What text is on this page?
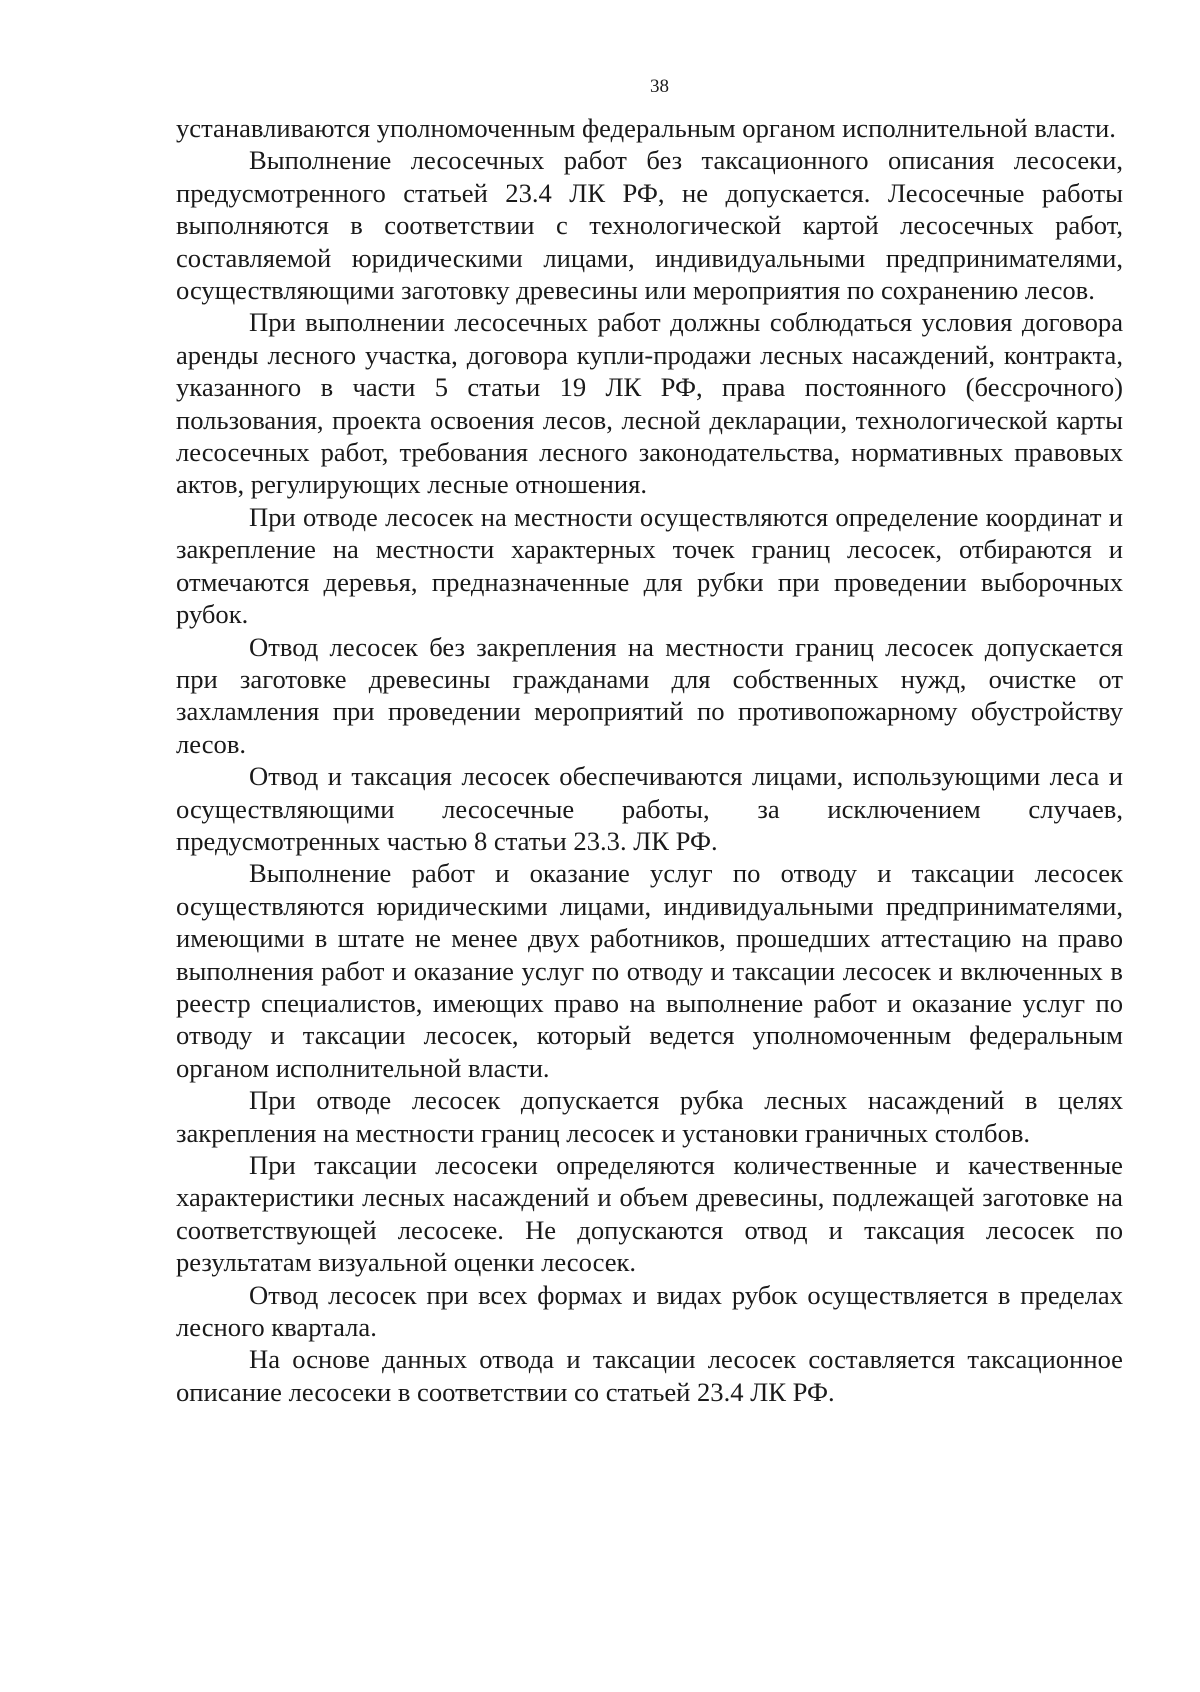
38

устанавливаются уполномоченным федеральным органом исполнительной власти.

Выполнение лесосечных работ без таксационного описания лесосеки, предусмотренного статьей 23.4 ЛК РФ, не допускается. Лесосечные работы выполняются в соответствии с технологической картой лесосечных работ, составляемой юридическими лицами, индивидуальными предпринимателями, осуществляющими заготовку древесины или мероприятия по сохранению лесов.

При выполнении лесосечных работ должны соблюдаться условия договора аренды лесного участка, договора купли-продажи лесных насаждений, контракта, указанного в части 5 статьи 19 ЛК РФ, права постоянного (бессрочного) пользования, проекта освоения лесов, лесной декларации, технологической карты лесосечных работ, требования лесного законодательства, нормативных правовых актов, регулирующих лесные отношения.

При отводе лесосек на местности осуществляются определение координат и закрепление на местности характерных точек границ лесосек, отбираются и отмечаются деревья, предназначенные для рубки при проведении выборочных рубок.

Отвод лесосек без закрепления на местности границ лесосек допускается при заготовке древесины гражданами для собственных нужд, очистке от захламления при проведении мероприятий по противопожарному обустройству лесов.

Отвод и таксация лесосек обеспечиваются лицами, использующими леса и осуществляющими лесосечные работы, за исключением случаев, предусмотренных частью 8 статьи 23.3. ЛК РФ.

Выполнение работ и оказание услуг по отводу и таксации лесосек осуществляются юридическими лицами, индивидуальными предпринимателями, имеющими в штате не менее двух работников, прошедших аттестацию на право выполнения работ и оказание услуг по отводу и таксации лесосек и включенных в реестр специалистов, имеющих право на выполнение работ и оказание услуг по отводу и таксации лесосек, который ведется уполномоченным федеральным органом исполнительной власти.

При отводе лесосек допускается рубка лесных насаждений в целях закрепления на местности границ лесосек и установки граничных столбов.

При таксации лесосеки определяются количественные и качественные характеристики лесных насаждений и объем древесины, подлежащей заготовке на соответствующей лесосеке. Не допускаются отвод и таксация лесосек по результатам визуальной оценки лесосек.

Отвод лесосек при всех формах и видах рубок осуществляется в пределах лесного квартала.

На основе данных отвода и таксации лесосек составляется таксационное описание лесосеки в соответствии со статьей 23.4 ЛК РФ.
